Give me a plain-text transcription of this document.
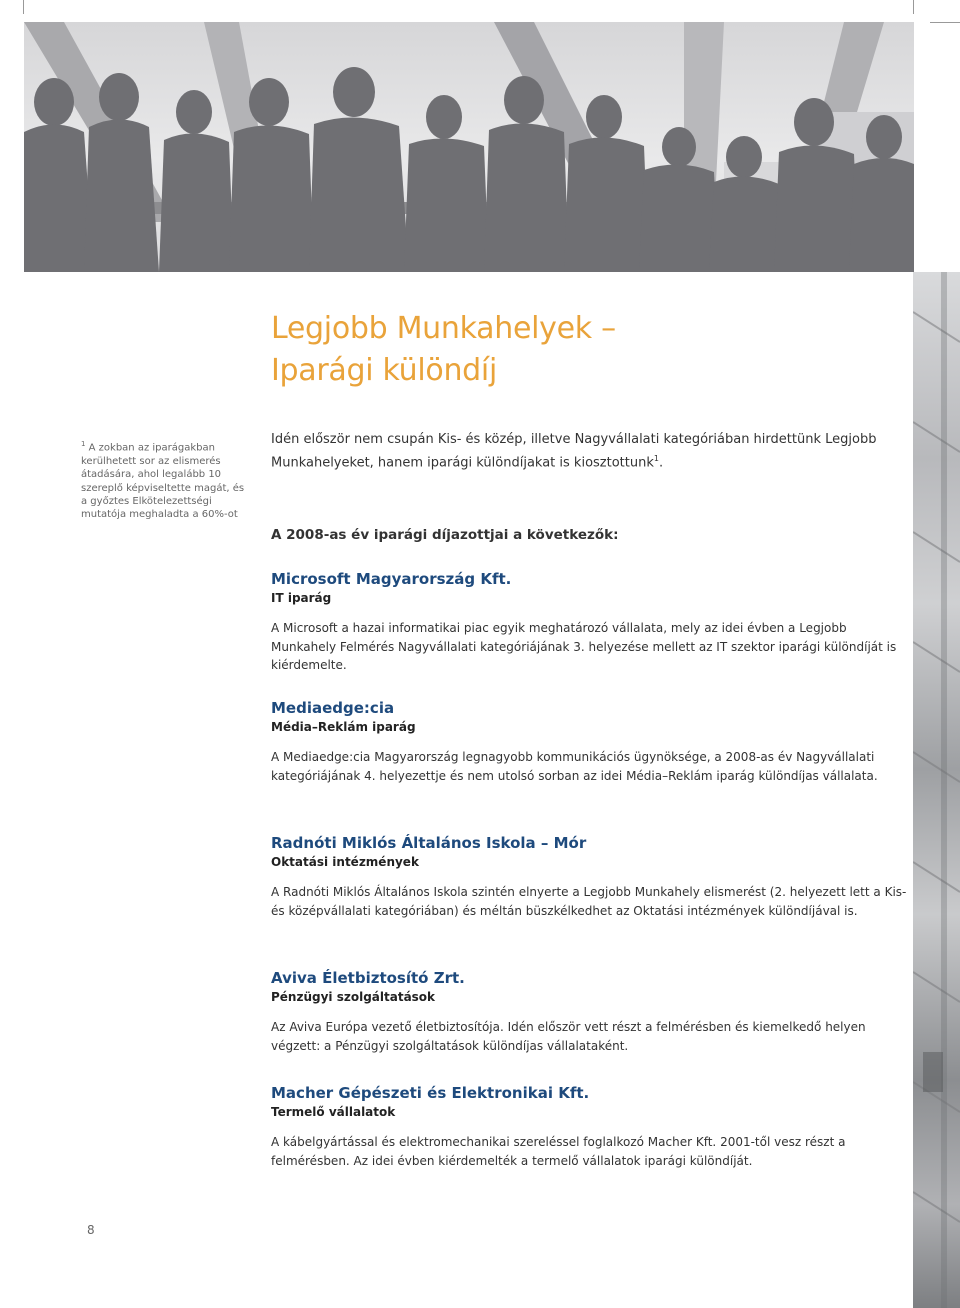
Legjobb Munkahelyek –
Iparági különdíj
$^1$ A zokban az iparágakban kerülhetett sor az elismerés átadására, ahol legalább 10 szereplő képviseltette magát, és a győztes Elkötelezettségi mutatója meghaladta a 60%-ot

Idén először nem csupán Kis- és közép, illetve Nagyvállalati kategóriában hirdettünk Legjobb Munkahelyeket, hanem iparági különdíjakat is kiosztottunk$^1$.

A 2008-as év iparági díjazottjai a következők:

Microsoft Magyarország Kft.
IT iparág

A Microsoft a hazai informatikai piac egyik meghatározó vállalata, mely az idei évben a Legjobb Munkahely Felmérés Nagyvállalati kategóriájának 3. helyezése mellett az IT szektor iparági különdíját is kiérdemelte.

Mediaedge:cia
Média–Reklám iparág

A Mediaedge:cia Magyarország legnagyobb kommunikációs ügynöksége, a 2008-as év Nagyvállalati kategóriájának 4. helyezettje és nem utolsó sorban az idei Média–Reklám iparág különdíjas vállalata.

Radnóti Miklós Általános Iskola – Mór
Oktatási intézmények

A Radnóti Miklós Általános Iskola szintén elnyerte a Legjobb Munkahely elismerést (2. helyezett lett a Kis- és középvállalati kategóriában) és méltán büszkélkedhet az Oktatási intézmények különdíjával is.

Aviva Életbiztosító Zrt.
Pénzügyi szolgáltatások

Az Aviva Európa vezető életbiztosítója. Idén először vett részt a felmérésben és kiemelkedő helyen végzett: a Pénzügyi szolgáltatások különdíjas vállalataként.

Macher Gépészeti és Elektronikai Kft.
Termelő vállalatok

A kábelgyártással és elektromechanikai szereléssel foglalkozó Macher Kft. 2001-től vesz részt a felmérésben. Az idei évben kiérdemelték a termelő vállalatok iparági különdíját.

8
